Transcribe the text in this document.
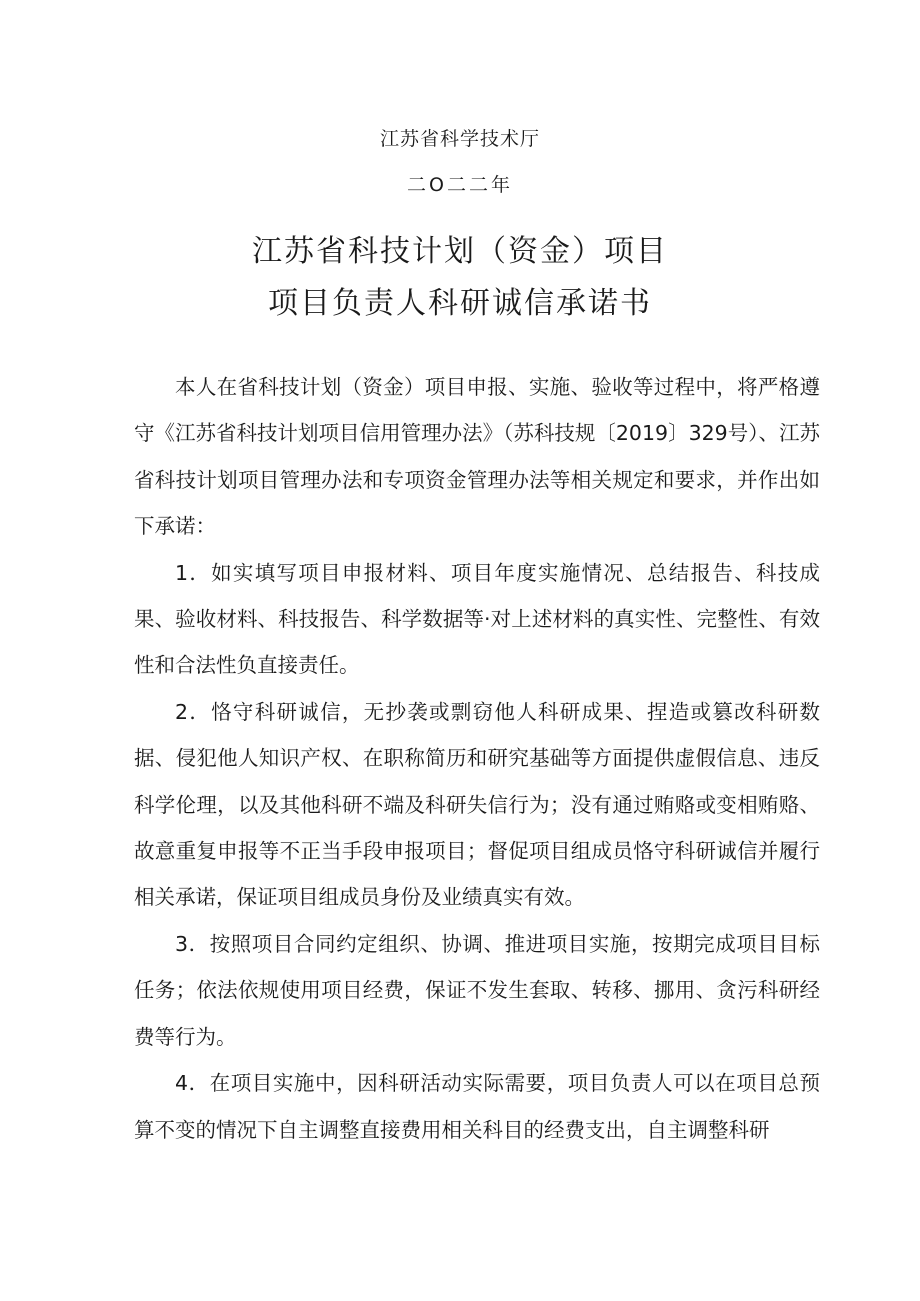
江苏省科学技术厅
二O二二年
江苏省科技计划（资金）项目
项目负责人科研诚信承诺书

本人在省科技计划（资金）项目申报、实施、验收等过程中，将严格遵守《江苏省科技计划项目信用管理办法》（苏科技规〔2019〕329号）、江苏省科技计划项目管理办法和专项资金管理办法等相关规定和要求，并作出如下承诺：

1．如实填写项目申报材料、项目年度实施情况、总结报告、科技成果、验收材料、科技报告、科学数据等·对上述材料的真实性、完整性、有效性和合法性负直接责任。

2．恪守科研诚信，无抄袭或剽窃他人科研成果、捏造或篡改科研数据、侵犯他人知识产权、在职称简历和研究基础等方面提供虚假信息、违反科学伦理，以及其他科研不端及科研失信行为；没有通过贿赂或变相贿赂、故意重复申报等不正当手段申报项目；督促项目组成员恪守科研诚信并履行相关承诺，保证项目组成员身份及业绩真实有效。

3．按照项目合同约定组织、协调、推进项目实施，按期完成项目目标任务；依法依规使用项目经费，保证不发生套取、转移、挪用、贪污科研经费等行为。

4．在项目实施中，因科研活动实际需要，项目负责人可以在项目总预算不变的情况下自主调整直接费用相关科目的经费支出，自主调整科研
